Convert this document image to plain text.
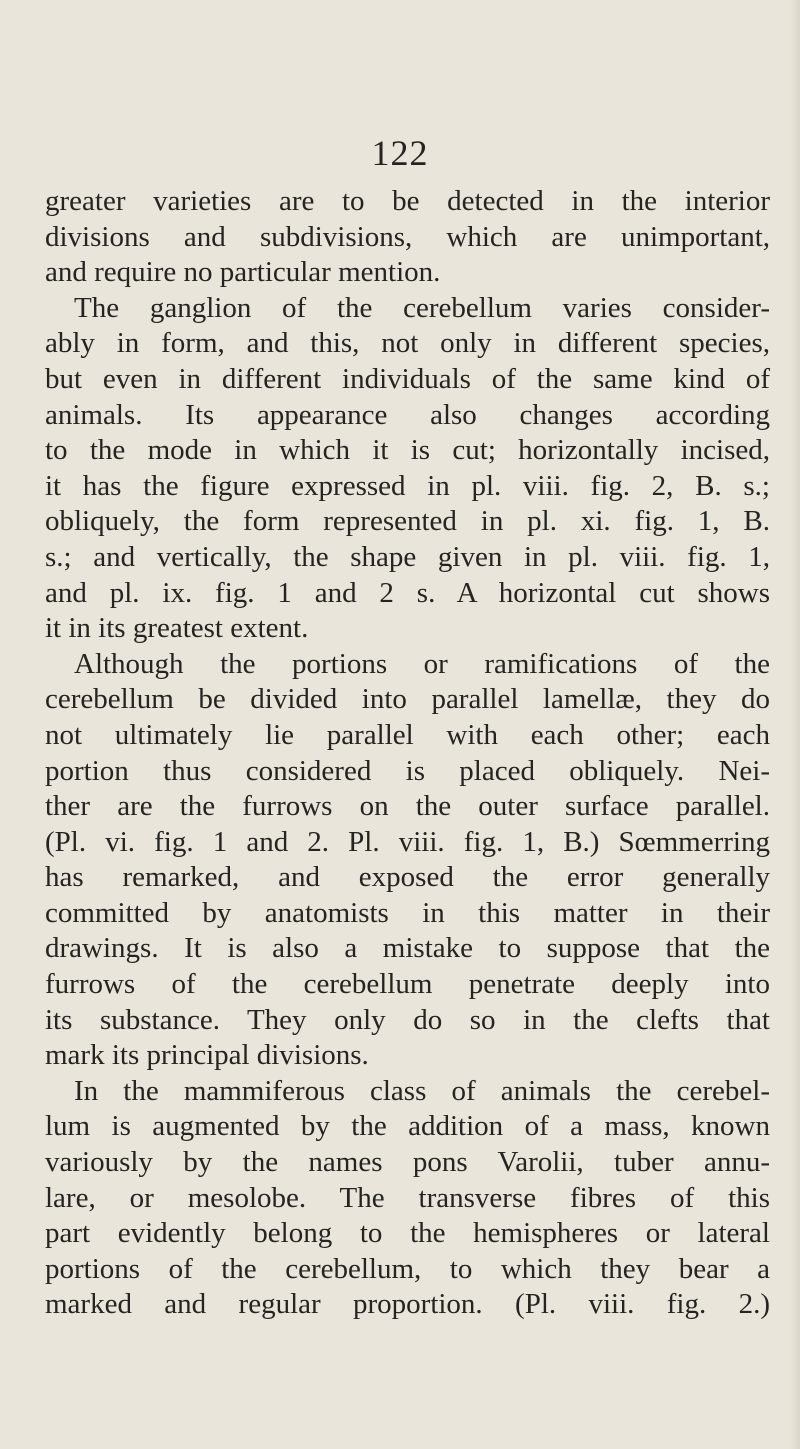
122
greater varieties are to be detected in the interior
divisions and subdivisions, which are unimportant,
and require no particular mention.
The ganglion of the cerebellum varies consider-
ably in form, and this, not only in different species,
but even in different individuals of the same kind of
animals. Its appearance also changes according
to the mode in which it is cut; horizontally incised,
it has the figure expressed in pl. viii. fig. 2, B. s.;
obliquely, the form represented in pl. xi. fig. 1, B.
s.; and vertically, the shape given in pl. viii. fig. 1,
and pl. ix. fig. 1 and 2 s. A horizontal cut shows
it in its greatest extent.
Although the portions or ramifications of the
cerebellum be divided into parallel lamellæ, they do
not ultimately lie parallel with each other; each
portion thus considered is placed obliquely. Nei-
ther are the furrows on the outer surface parallel.
(Pl. vi. fig. 1 and 2. Pl. viii. fig. 1, B.) Sœmmerring
has remarked, and exposed the error generally
committed by anatomists in this matter in their
drawings. It is also a mistake to suppose that the
furrows of the cerebellum penetrate deeply into
its substance. They only do so in the clefts that
mark its principal divisions.
In the mammiferous class of animals the cerebel-
lum is augmented by the addition of a mass, known
variously by the names pons Varolii, tuber annu-
lare, or mesolobe. The transverse fibres of this
part evidently belong to the hemispheres or lateral
portions of the cerebellum, to which they bear a
marked and regular proportion. (Pl. viii. fig. 2.)
